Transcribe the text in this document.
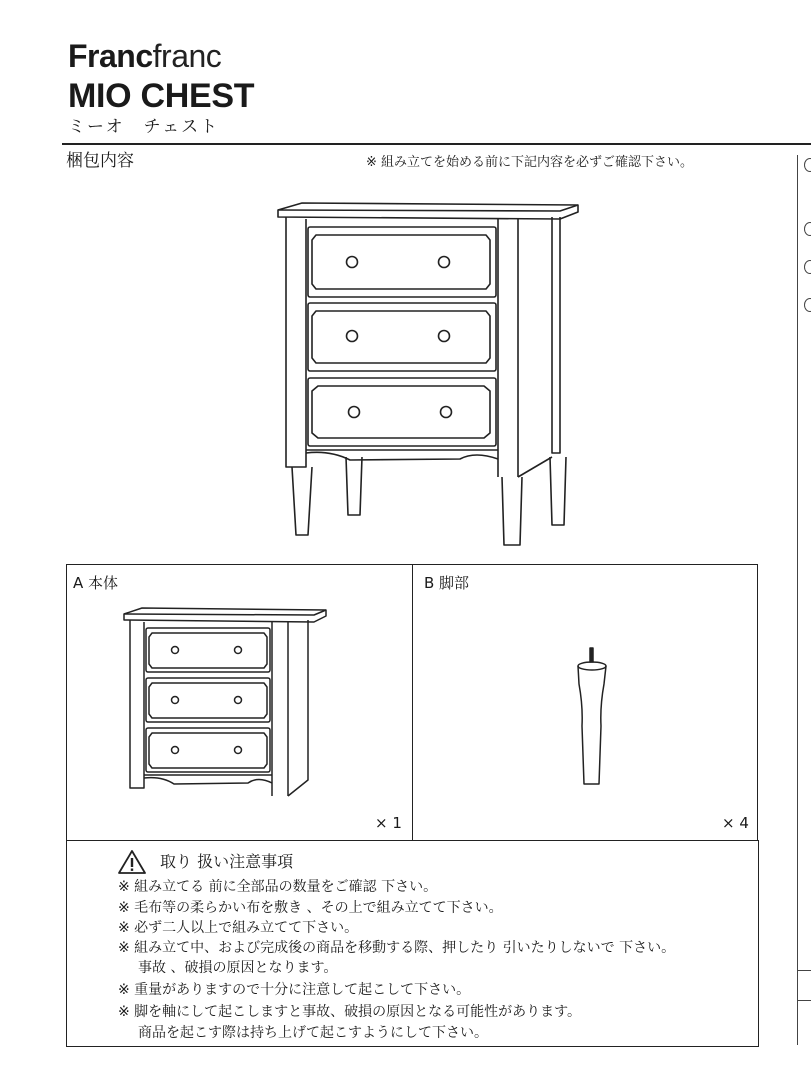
Francfranc
MIO CHEST
ミーオ　チェスト
梱包内容	※ 組み立てを始める前に下記内容を必ずご確認下さい。
A 本体
× 1
B 脚部
× 4
取り 扱い注意事項
※ 組み立てる 前に全部品の数量をご確認 下さい。
※ 毛布等の柔らかい布を敷き 、その上で組み立てて下さい。
※ 必ず二人以上で組み立てて下さい。
※ 組み立て中、および完成後の商品を移動する際、押したり 引いたりしないで 下さい。
事故 、破損の原因となります。
※ 重量がありますので十分に注意して起こして下さい。
※ 脚を軸にして起こしますと事故、破損の原因となる可能性があります。
商品を起こす際は持ち上げて起こすようにして下さい。
